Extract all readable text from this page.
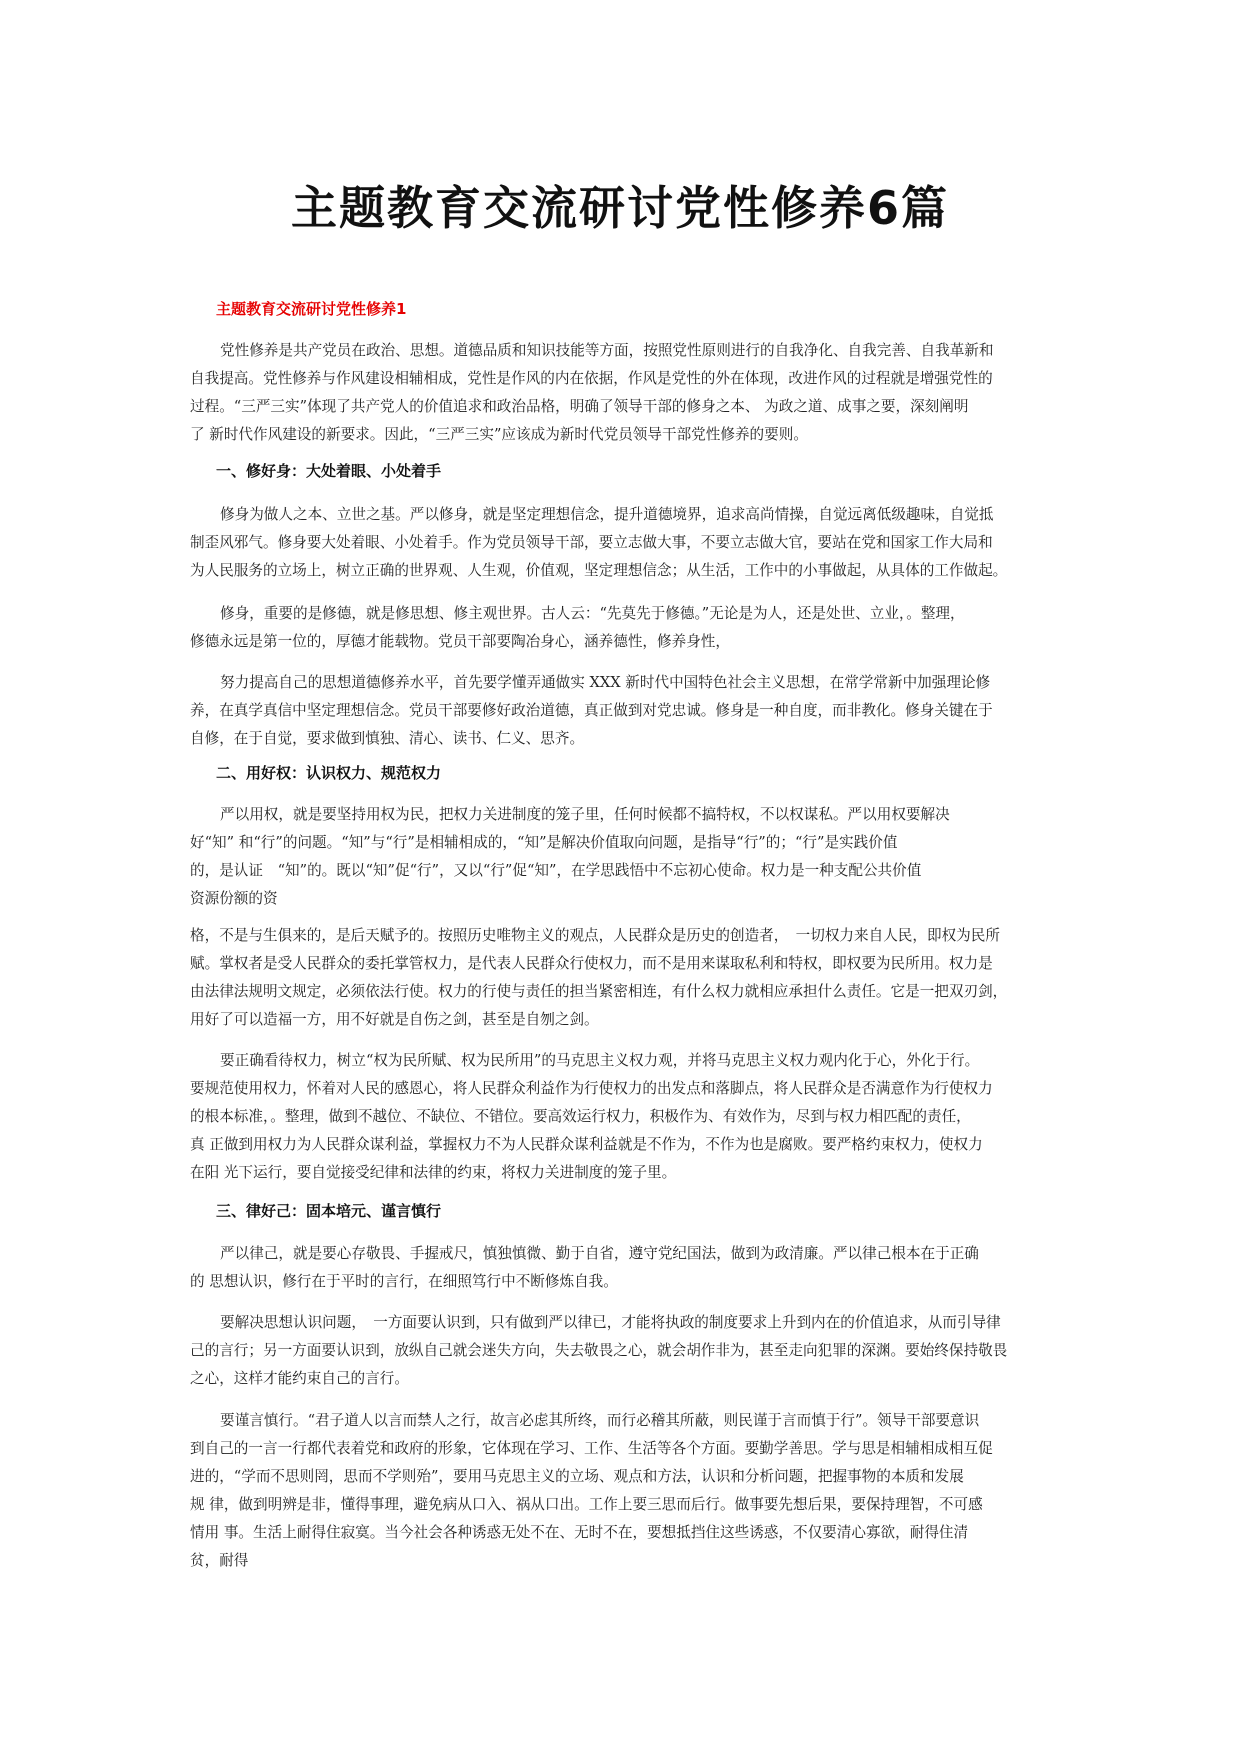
主题教育交流研讨党性修养6篇
主题教育交流研讨党性修养1
党性修养是共产党员在政治、思想。道德品质和知识技能等方面，按照党性原则进行的自我净化、自我完善、自我革新和
自我提高。党性修养与作风建设相辅相成，党性是作风的内在依据，作风是党性的外在体现，改进作风的过程就是增强党性的
过程。“三严三实”体现了共产党人的价值追求和政治品格，明确了领导干部的修身之本、 为政之道、成事之要，深刻阐明
了 新时代作风建设的新要求。因此，“三严三实”应该成为新时代党员领导干部党性修养的要则。
一、修好身：大处着眼、小处着手
修身为做人之本、立世之基。严以修身，就是坚定理想信念，提升道德境界，追求高尚情操，自觉远离低级趣味，自觉抵
制歪风邪气。修身要大处着眼、小处着手。作为党员领导干部，要立志做大事，不要立志做大官，要站在党和国家工作大局和
为人民服务的立场上，树立正确的世界观、人生观，价值观，坚定理想信念；从生活，工作中的小事做起，从具体的工作做起。
修身，重要的是修德，就是修思想、修主观世界。古人云：“先莫先于修德。”无论是为人，还是处世、立业，。整理，
修德永远是第一位的，厚德才能载物。党员干部要陶冶身心，涵养德性，修养身性，
努力提高自己的思想道德修养水平，首先要学懂弄通做实 XXX 新时代中国特色社会主义思想，在常学常新中加强理论修
养，在真学真信中坚定理想信念。党员干部要修好政治道德，真正做到对党忠诚。修身是一种自度，而非教化。修身关键在于
自修，在于自觉，要求做到慎独、清心、读书、仁义、思齐。
二、用好权：认识权力、规范权力
严以用权，就是要坚持用权为民，把权力关进制度的笼子里，任何时候都不搞特权，不以权谋私。严以用权要解决
好“知” 和“行”的问题。“知”与“行”是相辅相成的，“知”是解决价值取向问题，是指导“行”的；“行”是实践价值
的，是认证　“知”的。既以“知”促“行”，又以“行”促“知”，在学思践悟中不忘初心使命。权力是一种支配公共价值
资源份额的资
格，不是与生俱来的，是后天赋予的。按照历史唯物主义的观点，人民群众是历史的创造者，　一切权力来自人民，即权为民所
赋。掌权者是受人民群众的委托掌管权力，是代表人民群众行使权力，而不是用来谋取私利和特权，即权要为民所用。权力是
由法律法规明文规定，必须依法行使。权力的行使与责任的担当紧密相连，有什么权力就相应承担什么责任。它是一把双刃剑，
用好了可以造福一方，用不好就是自伤之剑，甚至是自刎之剑。
要正确看待权力，树立“权为民所赋、权为民所用”的马克思主义权力观，并将马克思主义权力观内化于心，外化于行。
要规范使用权力，怀着对人民的感恩心，将人民群众利益作为行使权力的出发点和落脚点，将人民群众是否满意作为行使权力
的根本标准，。整理，做到不越位、不缺位、不错位。要高效运行权力，积极作为、有效作为，尽到与权力相匹配的责任，
真 正做到用权力为人民群众谋利益，掌握权力不为人民群众谋利益就是不作为，不作为也是腐败。要严格约束权力，使权力
在阳 光下运行，要自觉接受纪律和法律的约束，将权力关进制度的笼子里。
三、律好己：固本培元、谨言慎行
严以律己，就是要心存敬畏、手握戒尺，慎独慎微、勤于自省，遵守党纪国法，做到为政清廉。严以律己根本在于正确
的 思想认识，修行在于平时的言行，在细照笃行中不断修炼自我。
要解决思想认识问题，　一方面要认识到，只有做到严以律已，才能将执政的制度要求上升到内在的价值追求，从而引导律
己的言行；另一方面要认识到，放纵自己就会迷失方向，失去敬畏之心，就会胡作非为，甚至走向犯罪的深渊。要始终保持敬畏
之心，这样才能约束自己的言行。
要谨言慎行。“君子道人以言而禁人之行，故言必虑其所终，而行必稽其所蔽，则民谨于言而慎于行”。领导干部要意识
到自己的一言一行都代表着党和政府的形象，它体现在学习、工作、生活等各个方面。要勤学善思。学与思是相辅相成相互促
进的，“学而不思则罔，思而不学则殆”，要用马克思主义的立场、观点和方法，认识和分析问题，把握事物的本质和发展
规 律，做到明辨是非，懂得事理，避免病从口入、祸从口出。工作上要三思而后行。做事要先想后果，要保持理智，不可感
情用 事。生活上耐得住寂寞。当今社会各种诱惑无处不在、无时不在，要想抵挡住这些诱惑，不仅要清心寡欲，耐得住清
贫，耐得
